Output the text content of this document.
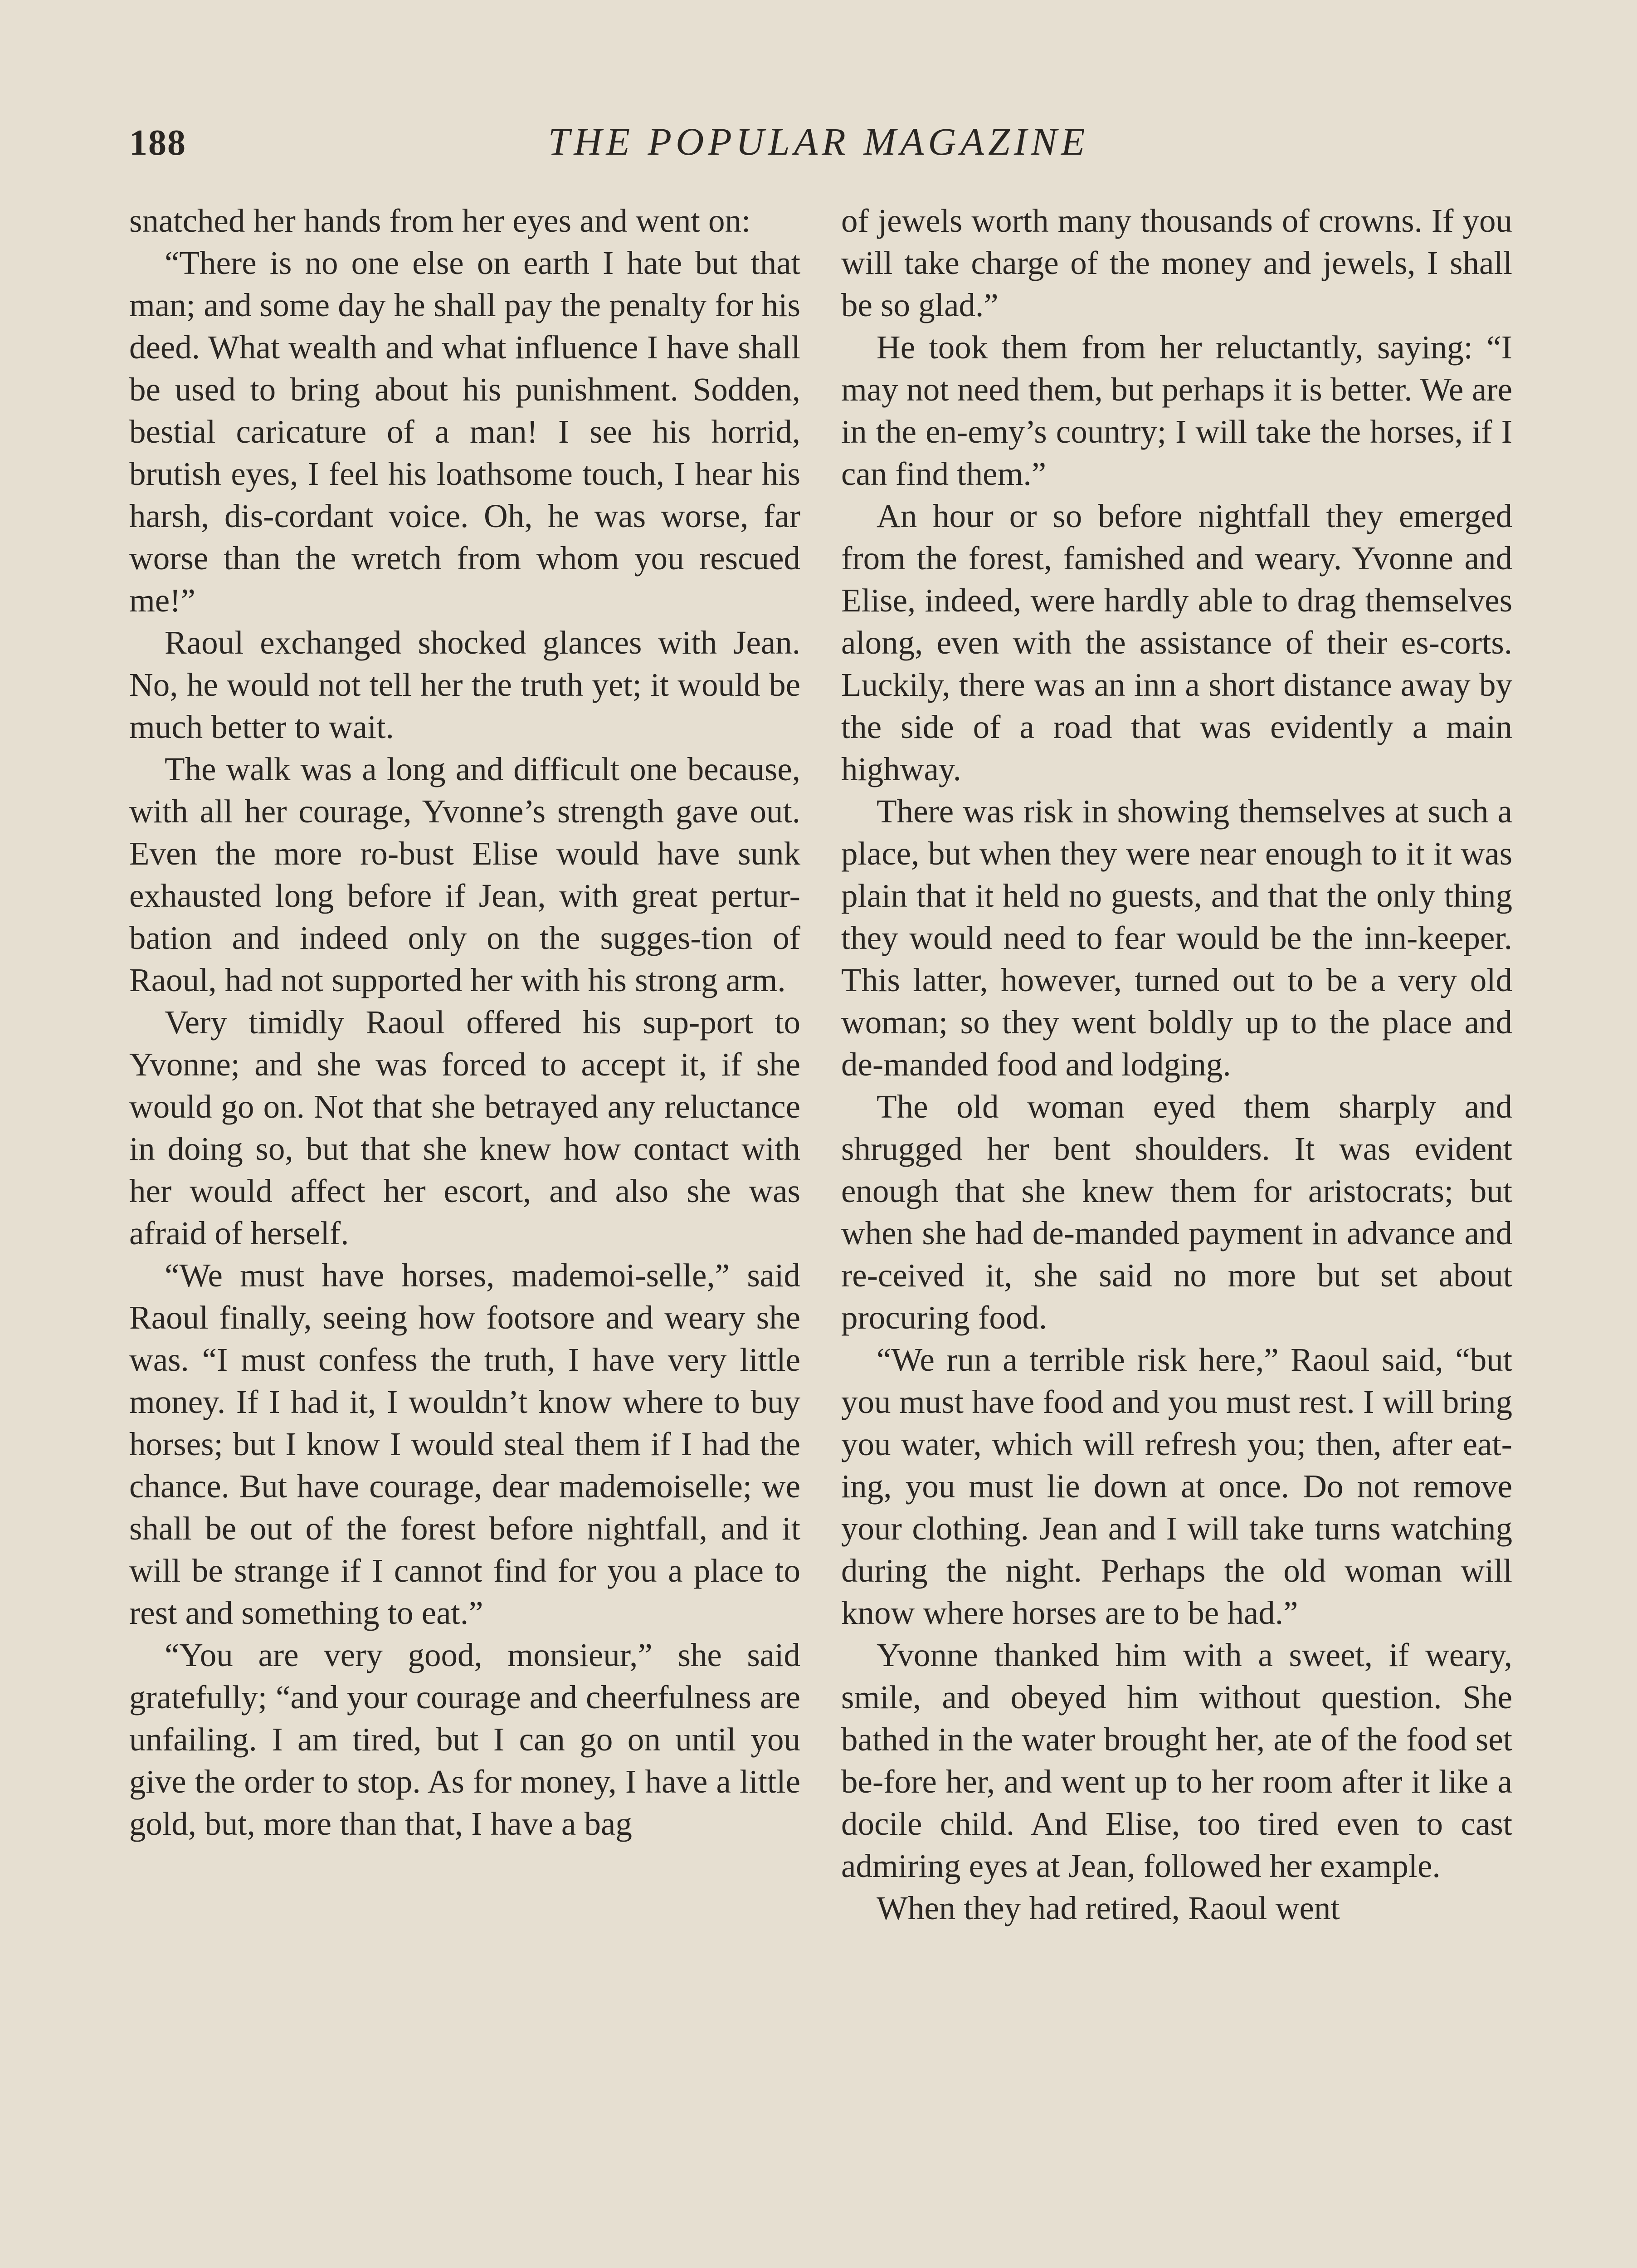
188	THE POPULAR MAGAZINE

snatched her hands from her eyes and went on:

“There is no one else on earth I hate but that man; and some day he shall pay the penalty for his deed. What wealth and what influence I have shall be used to bring about his punishment. Sodden, bestial caricature of a man! I see his horrid, brutish eyes, I feel his loathsome touch, I hear his harsh, dis-cordant voice. Oh, he was worse, far worse than the wretch from whom you rescued me!”

Raoul exchanged shocked glances with Jean. No, he would not tell her the truth yet; it would be much better to wait.

The walk was a long and difficult one because, with all her courage, Yvonne’s strength gave out. Even the more ro-bust Elise would have sunk exhausted long before if Jean, with great pertur-bation and indeed only on the sugges-tion of Raoul, had not supported her with his strong arm.

Very timidly Raoul offered his sup-port to Yvonne; and she was forced to accept it, if she would go on. Not that she betrayed any reluctance in doing so, but that she knew how contact with her would affect her escort, and also she was afraid of herself.

“We must have horses, mademoi-selle,” said Raoul finally, seeing how footsore and weary she was. “I must confess the truth, I have very little money. If I had it, I wouldn’t know where to buy horses; but I know I would steal them if I had the chance. But have courage, dear mademoiselle; we shall be out of the forest before nightfall, and it will be strange if I cannot find for you a place to rest and something to eat.”

“You are very good, monsieur,” she said gratefully; “and your courage and cheerfulness are unfailing. I am tired, but I can go on until you give the order to stop. As for money, I have a little gold, but, more than that, I have a bag

of jewels worth many thousands of crowns. If you will take charge of the money and jewels, I shall be so glad.”

He took them from her reluctantly, saying: “I may not need them, but perhaps it is better. We are in the en-emy’s country; I will take the horses, if I can find them.”

An hour or so before nightfall they emerged from the forest, famished and weary. Yvonne and Elise, indeed, were hardly able to drag themselves along, even with the assistance of their es-corts. Luckily, there was an inn a short distance away by the side of a road that was evidently a main highway.

There was risk in showing themselves at such a place, but when they were near enough to it it was plain that it held no guests, and that the only thing they would need to fear would be the inn-keeper. This latter, however, turned out to be a very old woman; so they went boldly up to the place and de-manded food and lodging.

The old woman eyed them sharply and shrugged her bent shoulders. It was evident enough that she knew them for aristocrats; but when she had de-manded payment in advance and re-ceived it, she said no more but set about procuring food.

“We run a terrible risk here,” Raoul said, “but you must have food and you must rest. I will bring you water, which will refresh you; then, after eat-ing, you must lie down at once. Do not remove your clothing. Jean and I will take turns watching during the night. Perhaps the old woman will know where horses are to be had.”

Yvonne thanked him with a sweet, if weary, smile, and obeyed him without question. She bathed in the water brought her, ate of the food set be-fore her, and went up to her room after it like a docile child. And Elise, too tired even to cast admiring eyes at Jean, followed her example.

When they had retired, Raoul went
